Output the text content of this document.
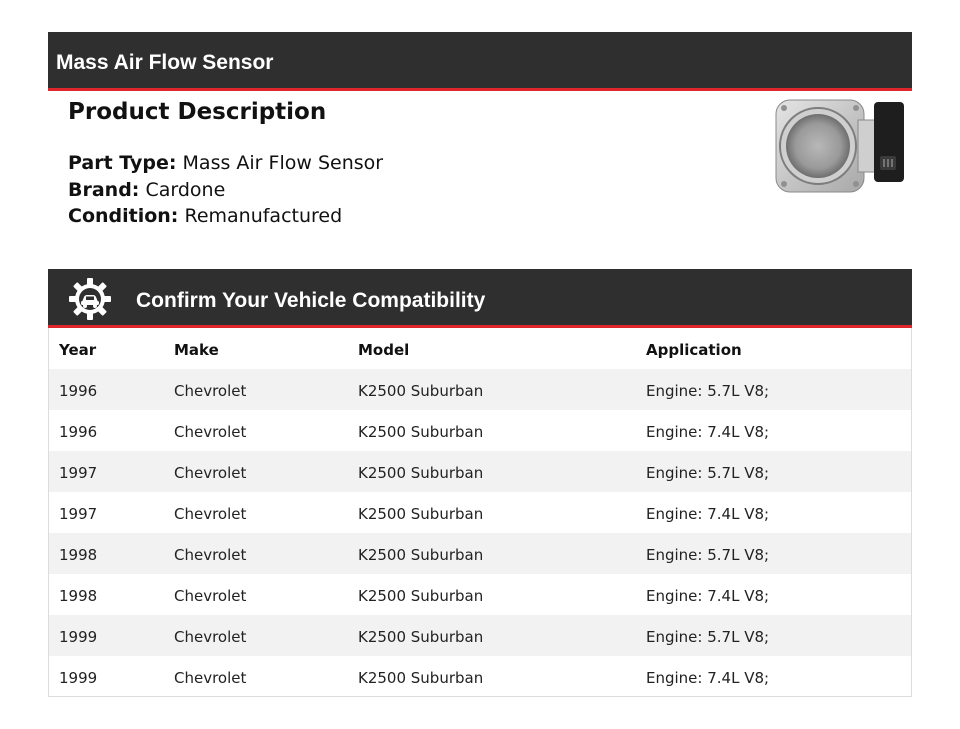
Mass Air Flow Sensor
Product Description
Part Type: Mass Air Flow Sensor
Brand: Cardone
Condition: Remanufactured
Confirm Your Vehicle Compatibility
Year	Make	Model	Application
1996	Chevrolet	K2500 Suburban	Engine: 5.7L V8;
1996	Chevrolet	K2500 Suburban	Engine: 7.4L V8;
1997	Chevrolet	K2500 Suburban	Engine: 5.7L V8;
1997	Chevrolet	K2500 Suburban	Engine: 7.4L V8;
1998	Chevrolet	K2500 Suburban	Engine: 5.7L V8;
1998	Chevrolet	K2500 Suburban	Engine: 7.4L V8;
1999	Chevrolet	K2500 Suburban	Engine: 5.7L V8;
1999	Chevrolet	K2500 Suburban	Engine: 7.4L V8;
